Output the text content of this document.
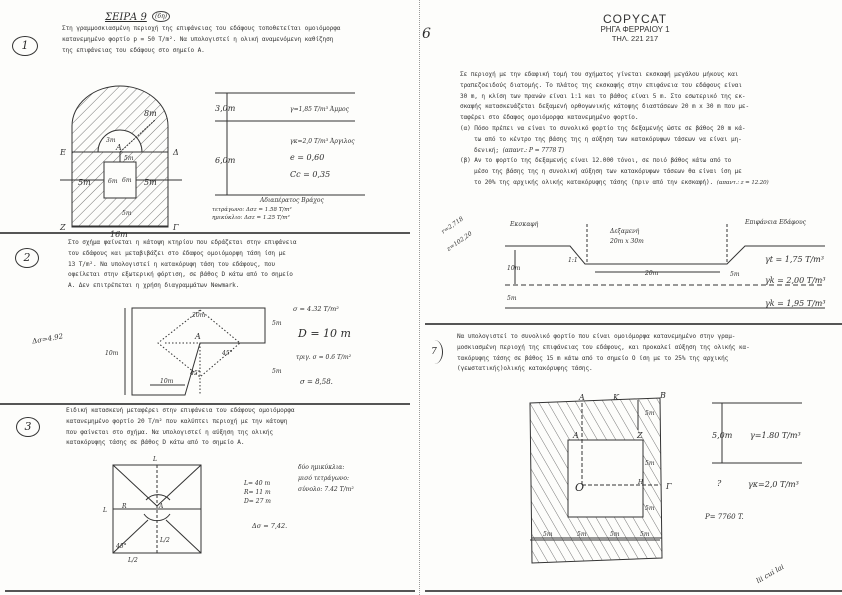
ΣΕΙΡΑ 9	(6η)
1

Στη γραμμοσκιασμένη περιοχή της επιφάνειας του εδάφους τοποθετείται ομοιόμορφα

κατανεμημένο φορτίο p = 50 T/m². Να υπολογιστεί η ολική αναμενόμενη καθίζηση

της επιφάνειας του εδάφους στο σημείο Α.

Ε	Δ
Α
8m
3m
5m
6m
5m	6m	5m
5m
Ζ	Γ
16m
3,0m	γ=1,85 T/m³ Άμμος
γκ=2,0 T/m³ Άργιλος
6,0m	e = 0,60
Cc = 0,35
Αδιαπέρατος Βράχος
τετράγωνο: Δσz = 1.58 T/m²
ημικύκλιο: Δσz = 1.25 T/m²
2

Στο σχήμα φαίνεται η κάτοψη κτηρίου που εδράζεται στην επιφάνεια

του εδάφους και μεταβιβάζει στο έδαφος ομοιόμορφη τάση ίση με

13 T/m². Να υπολογιστεί η κατακόρυφη τάση του εδάφους, που

οφείλεται στην εξωτερική φόρτιση, σε βάθος D κάτω από το σημείο

Α. Δεν επιτρέπεται η χρήση διαγραμμάτων Newmark.

Δσ=4.92
20m
10m
5m
5m
10m
45°
45°
Α
σ = 4.32 T/m²
D = 10 m
τριγ. σ = 0.6 T/m²
σ = 8,58.
3

Ειδική κατασκευή μεταφέρει στην επιφάνεια του εδάφους ομοιόμορφα

κατανεμημένο φορτίο 20 T/m² που καλύπτει περιοχή με την κάτοψη

που φαίνεται στο σχήμα. Να υπολογιστεί η αύξηση της ολικής

κατακόρυφης τάσης σε βάθος D κάτω από το σημείο Α.

L
L
L/2
L/2
R
45°
Α
L= 40 m
R= 11 m
D= 27 m
δύο ημικύκλια:
μισό τετράγωνο:
σύνολο: 7.42 T/m²
Δσ = 7,42.
COPYCAT
ΡΗΓΑ ΦΕΡΡΑΙΟΥ 1
ΤΗΛ. 221 217
6

Σε περιοχή με την εδαφική τομή του σχήματος γίνεται εκσκαφή μεγάλου μήκους και

τραπεζοειδούς διατομής. Το πλάτος της εκσκαφής στην επιφάνεια του εδάφους είναι

30 m, η κλίση των πρανών είναι 1:1 και το βάθος είναι 5 m. Στο εσωτερικό της εκ-

σκαφής κατασκευάζεται δεξαμενή ορθογωνικής κάτοψης διαστάσεων 20 m x 30 m που με-

ταφέρει στο έδαφος ομοιόμορφα κατανεμημένο φορτίο.

(α) Πόσο πρέπει να είναι το συνολικό φορτίο της δεξαμενής ώστε σε βάθος 20 m κά-

τω από το κέντρο της βάσης της η αύξηση των κατακόρυφων τάσεων να είναι μη-

δενική; (απαντ.: P = 7778 T)

(β) Αν το φορτίο της δεξαμενής είναι 12.000 τόνοι, σε ποιό βάθος κάτω από το

μέσο της βάσης της η συνολική αύξηση των κατακόρυφων τάσεων θα είναι ίση με

το 20% της αρχικής ολικής κατακόρυφης τάσης (πριν από την εκσκαφή). (απαντ.: z = 12.20)

r=2,718
z=102,20
Εκσκαφή
Δεξαμενή
20m x 30m
Επιφάνεια Εδάφους
10m
5m
20m
1:1
5m
γt = 1,75 T/m³
γk = 2,00 T/m³
γk = 1,95 T/m³
7

Να υπολογιστεί το συνολικό φορτίο που είναι ομοιόμορφα κατανεμημένο στην γραμ-

μοσκιασμένη περιοχή της επιφάνειας του εδάφους, και προκαλεί αύξηση της ολικής κα-

τακόρυφης τάσης σε βάθος 15 m κάτω από το σημείο Ο ίση με το 25% της αρχικής

(γεωστατικής)ολικής κατακόρυφης τάσης.

Α	Κ	Β
Α	Ζ
Ο	Η	Γ
5m
5m
5m
5m	5m	5m	5m
5,0m γ=1.80 T/m³
γκ=2,0 T/m³
?
P= 7760 T.
lii cui lai
